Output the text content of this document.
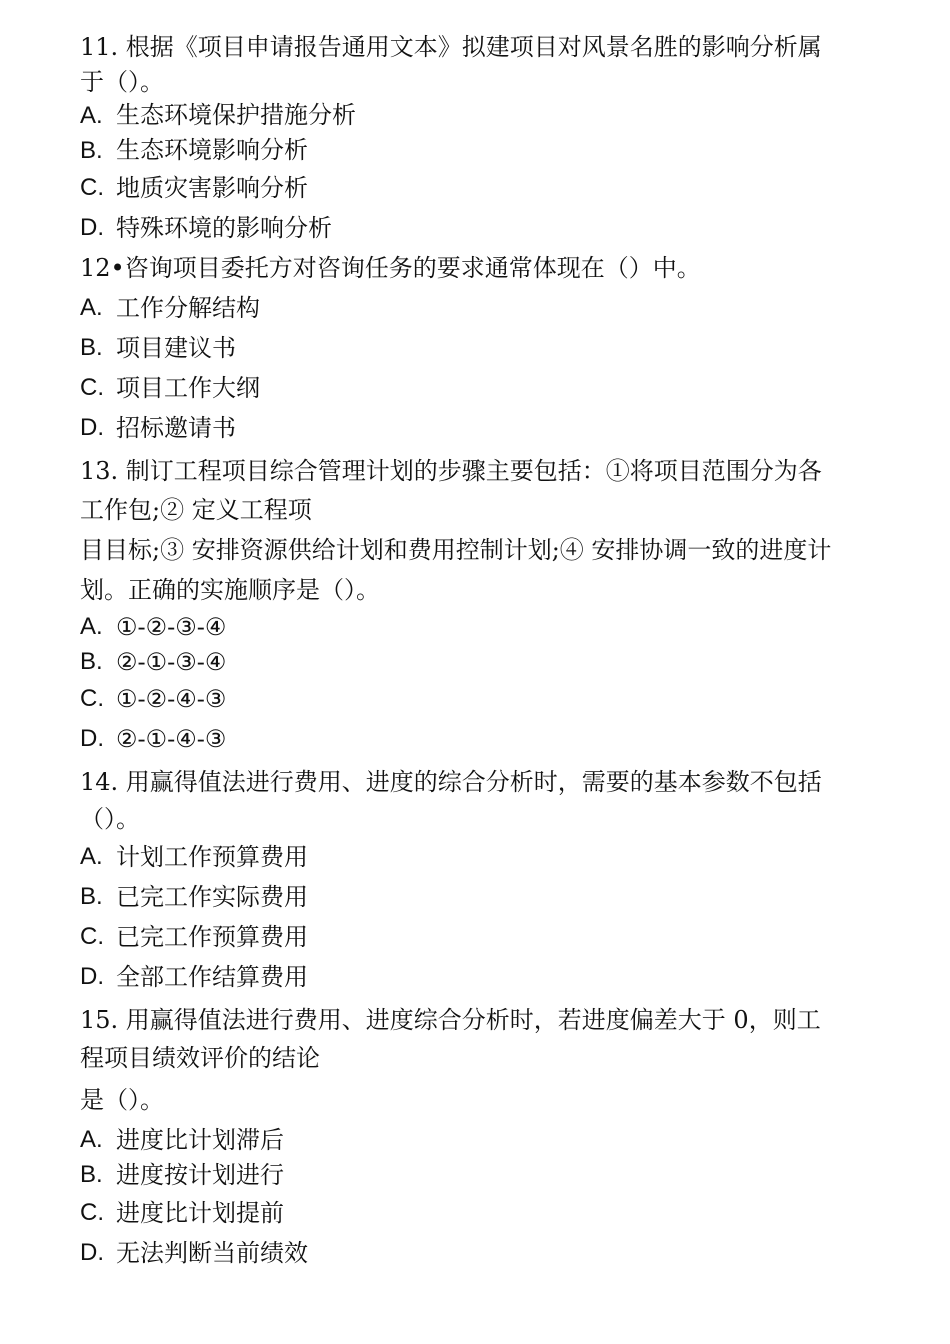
11. 根据《项目申请报告通用文本》拟建项目对风景名胜的影响分析属
于（）。
A. 生态环境保护措施分析
B. 生态环境影响分析
C. 地质灾害影响分析
D. 特殊环境的影响分析
12•咨询项目委托方对咨询任务的要求通常体现在（）中。
A. 工作分解结构
B. 项目建议书
C. 项目工作大纲
D. 招标邀请书
13. 制订工程项目综合管理计划的步骤主要包括：①将项目范围分为各
工作包;② 定义工程项
目目标;③ 安排资源供给计划和费用控制计划;④ 安排协调一致的进度计
划。正确的实施顺序是（）。
A. ①-②-③-④
B. ②-①-③-④
C. ①-②-④-③
D. ②-①-④-③
14. 用赢得值法进行费用、进度的综合分析时，需要的基本参数不包括
（）。
A. 计划工作预算费用
B. 已完工作实际费用
C. 已完工作预算费用
D. 全部工作结算费用
15. 用赢得值法进行费用、进度综合分析时，若进度偏差大于 0，则工
程项目绩效评价的结论
是（）。
A. 进度比计划滞后
B. 进度按计划进行
C. 进度比计划提前
D. 无法判断当前绩效
